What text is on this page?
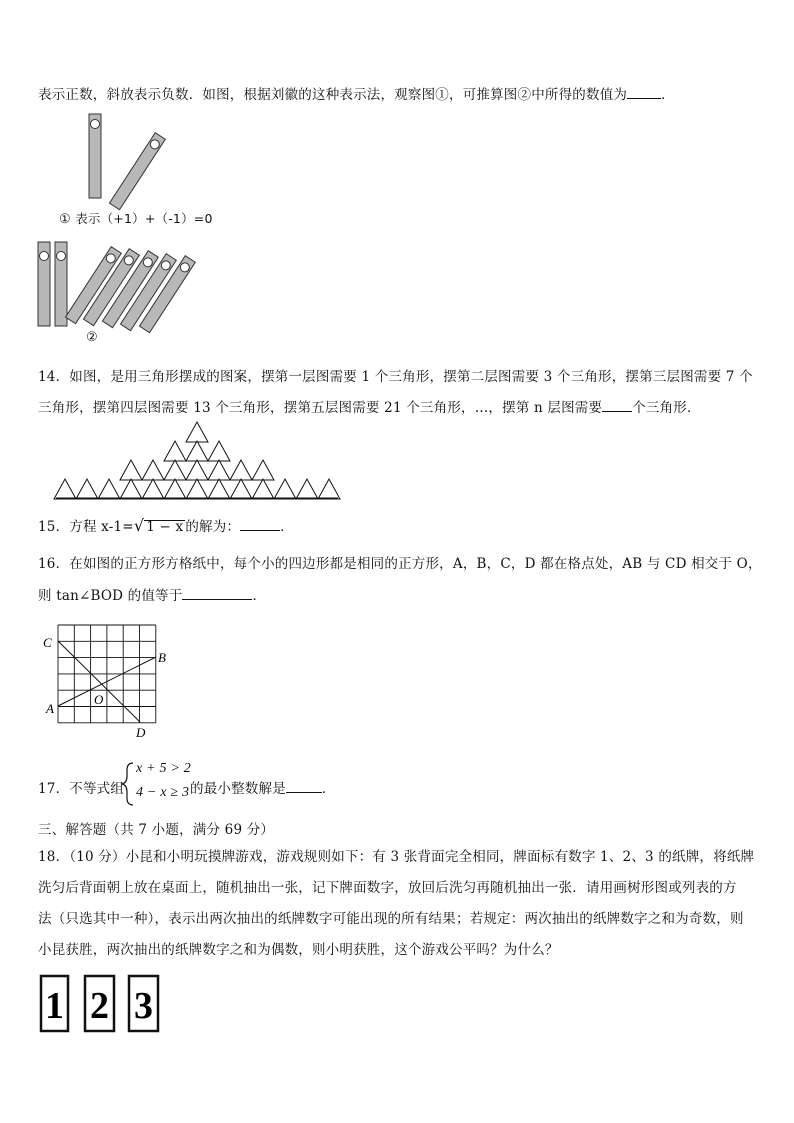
表示正数，斜放表示负数．如图，根据刘徽的这种表示法，观察图①，可推算图②中所得的数值为	．
① 表示（+1）+（-1）=0
②
14．如图，是用三角形摆成的图案，摆第一层图需要 1 个三角形，摆第二层图需要 3 个三角形，摆第三层图需要 7 个
三角形，摆第四层图需要 13 个三角形，摆第五层图需要 21 个三角形，…，摆第 n 层图需要 个三角形．
15．方程 x-1=√ 1 − x 的解为：	．
16．在如图的正方形方格纸中，每个小的四边形都是相同的正方形，A，B，C，D 都在格点处，AB 与 CD 相交于 O，
则 tan∠BOD 的值等于	．
C
B
A
O
D
17．不等式组
x + 5 > 2
4 − x ≥ 3 的最小整数解是	．
三、解答题（共 7 小题，满分 69 分）
18．（10 分）小昆和小明玩摸牌游戏，游戏规则如下：有 3 张背面完全相同，牌面标有数字 1、2、3 的纸牌，将纸牌
洗匀后背面朝上放在桌面上，随机抽出一张，记下牌面数字，放回后洗匀再随机抽出一张．请用画树形图或列表的方
法（只选其中一种），表示出两次抽出的纸牌数字可能出现的所有结果；若规定：两次抽出的纸牌数字之和为奇数，则
小昆获胜，两次抽出的纸牌数字之和为偶数，则小明获胜，这个游戏公平吗？为什么？
1 2 3
